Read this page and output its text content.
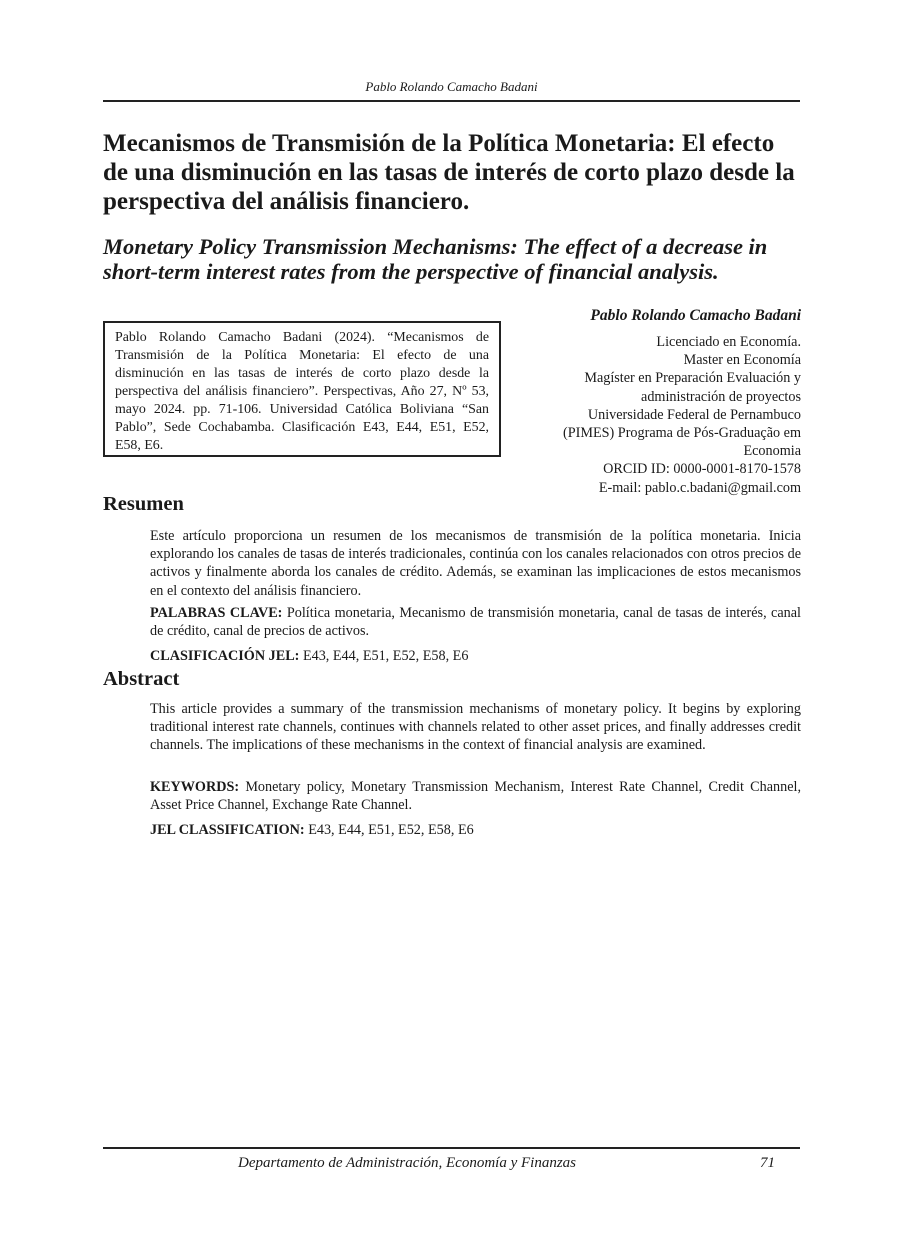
Pablo Rolando Camacho Badani
Mecanismos de Transmisión de la Política Monetaria: El efecto de una disminución en las tasas de interés de corto plazo desde la perspectiva del análisis financiero.
Monetary Policy Transmission Mechanisms: The effect of a decrease in short-term interest rates from the perspective of financial analysis.
Pablo Rolando Camacho Badani
Licenciado en Economía.
Master en Economía
Magíster en Preparación Evaluación y
administración de proyectos
Universidade Federal de Pernambuco
(PIMES) Programa de Pós-Graduação em
Economia
ORCID ID: 0000-0001-8170-1578
E-mail: pablo.c.badani@gmail.com
Pablo Rolando Camacho Badani (2024). “Mecanismos de Transmisión de la Política Monetaria: El efecto de una disminución en las tasas de interés de corto plazo desde la perspectiva del análisis financiero”. Perspectivas, Año 27, Nº 53, mayo 2024. pp. 71-106. Universidad Católica Boliviana “San Pablo”, Sede Cochabamba. Clasificación E43, E44, E51, E52, E58, E6.
Resumen
Este artículo proporciona un resumen de los mecanismos de transmisión de la política monetaria. Inicia explorando los canales de tasas de interés tradicionales, continúa con los canales relacionados con otros precios de activos y finalmente aborda los canales de crédito. Además, se examinan las implicaciones de estos mecanismos en el contexto del análisis financiero.
PALABRAS CLAVE: Política monetaria, Mecanismo de transmisión monetaria, canal de tasas de interés, canal de crédito, canal de precios de activos.
CLASIFICACIÓN JEL: E43, E44, E51, E52, E58, E6
Abstract
This article provides a summary of the transmission mechanisms of monetary policy. It begins by exploring traditional interest rate channels, continues with channels related to other asset prices, and finally addresses credit channels. The implications of these mechanisms in the context of financial analysis are examined.
KEYWORDS: Monetary policy, Monetary Transmission Mechanism, Interest Rate Channel, Credit Channel, Asset Price Channel, Exchange Rate Channel.
JEL CLASSIFICATION: E43, E44, E51, E52, E58, E6
Departamento de Administración, Economía y Finanzas	71
